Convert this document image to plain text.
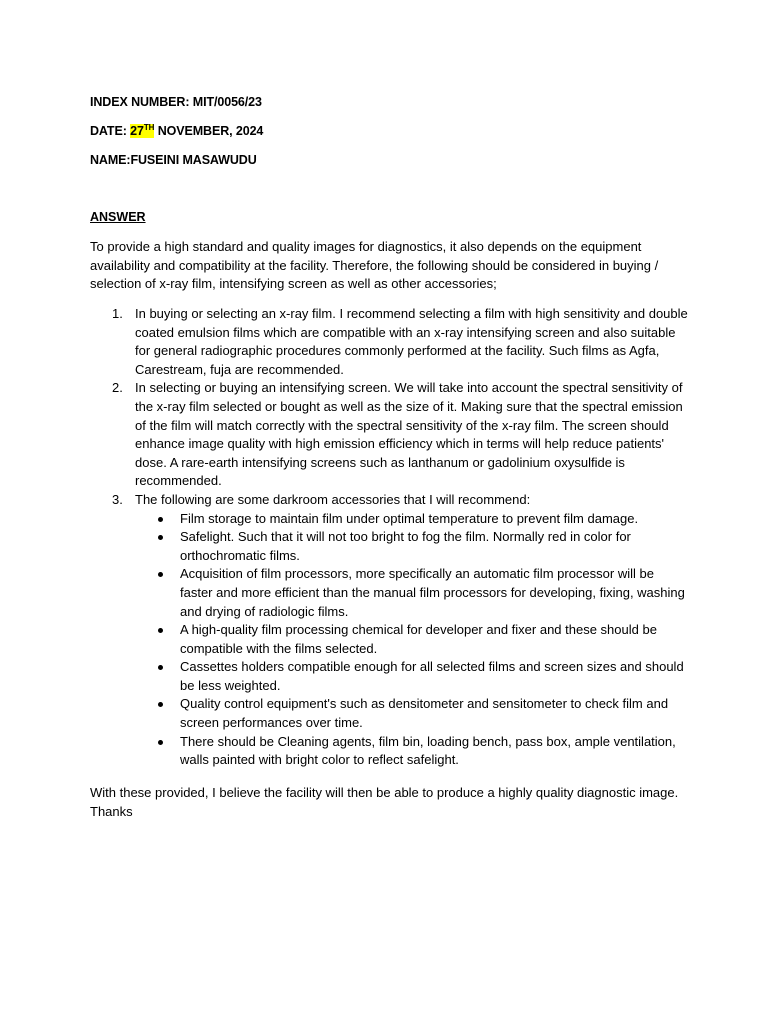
INDEX NUMBER: MIT/0056/23
DATE: 27TH NOVEMBER, 2024
NAME:FUSEINI MASAWUDU
ANSWER
To provide a high standard and quality images for diagnostics, it also depends on the equipment availability and compatibility at the facility. Therefore, the following should be considered in buying / selection of x-ray film, intensifying screen as well as other accessories;
1. In buying or selecting an x-ray film. I recommend selecting a film with high sensitivity and double coated emulsion films which are compatible with an x-ray intensifying screen and also suitable for general radiographic procedures commonly performed at the facility. Such films as Agfa, Carestream, fuja are recommended.
2. In selecting or buying an intensifying screen. We will take into account the spectral sensitivity of the x-ray film selected or bought as well as the size of it. Making sure that the spectral emission of the film will match correctly with the spectral sensitivity of the x-ray film. The screen should enhance image quality with high emission efficiency which in terms will help reduce patients' dose. A rare-earth intensifying screens such as lanthanum or gadolinium oxysulfide is recommended.
3. The following are some darkroom accessories that I will recommend:
Film storage to maintain film under optimal temperature to prevent film damage.
Safelight. Such that it will not too bright to fog the film. Normally red in color for orthochromatic films.
Acquisition of film processors, more specifically an automatic film processor will be faster and more efficient than the manual film processors for developing, fixing, washing and drying of radiologic films.
A high-quality film processing chemical for developer and fixer and these should be compatible with the films selected.
Cassettes holders compatible enough for all selected films and screen sizes and should be less weighted.
Quality control equipment's such as densitometer and sensitometer to check film and screen performances over time.
There should be Cleaning agents, film bin, loading bench, pass box, ample ventilation, walls painted with bright color to reflect safelight.
With these provided, I believe the facility will then be able to produce a highly quality diagnostic image.
Thanks
